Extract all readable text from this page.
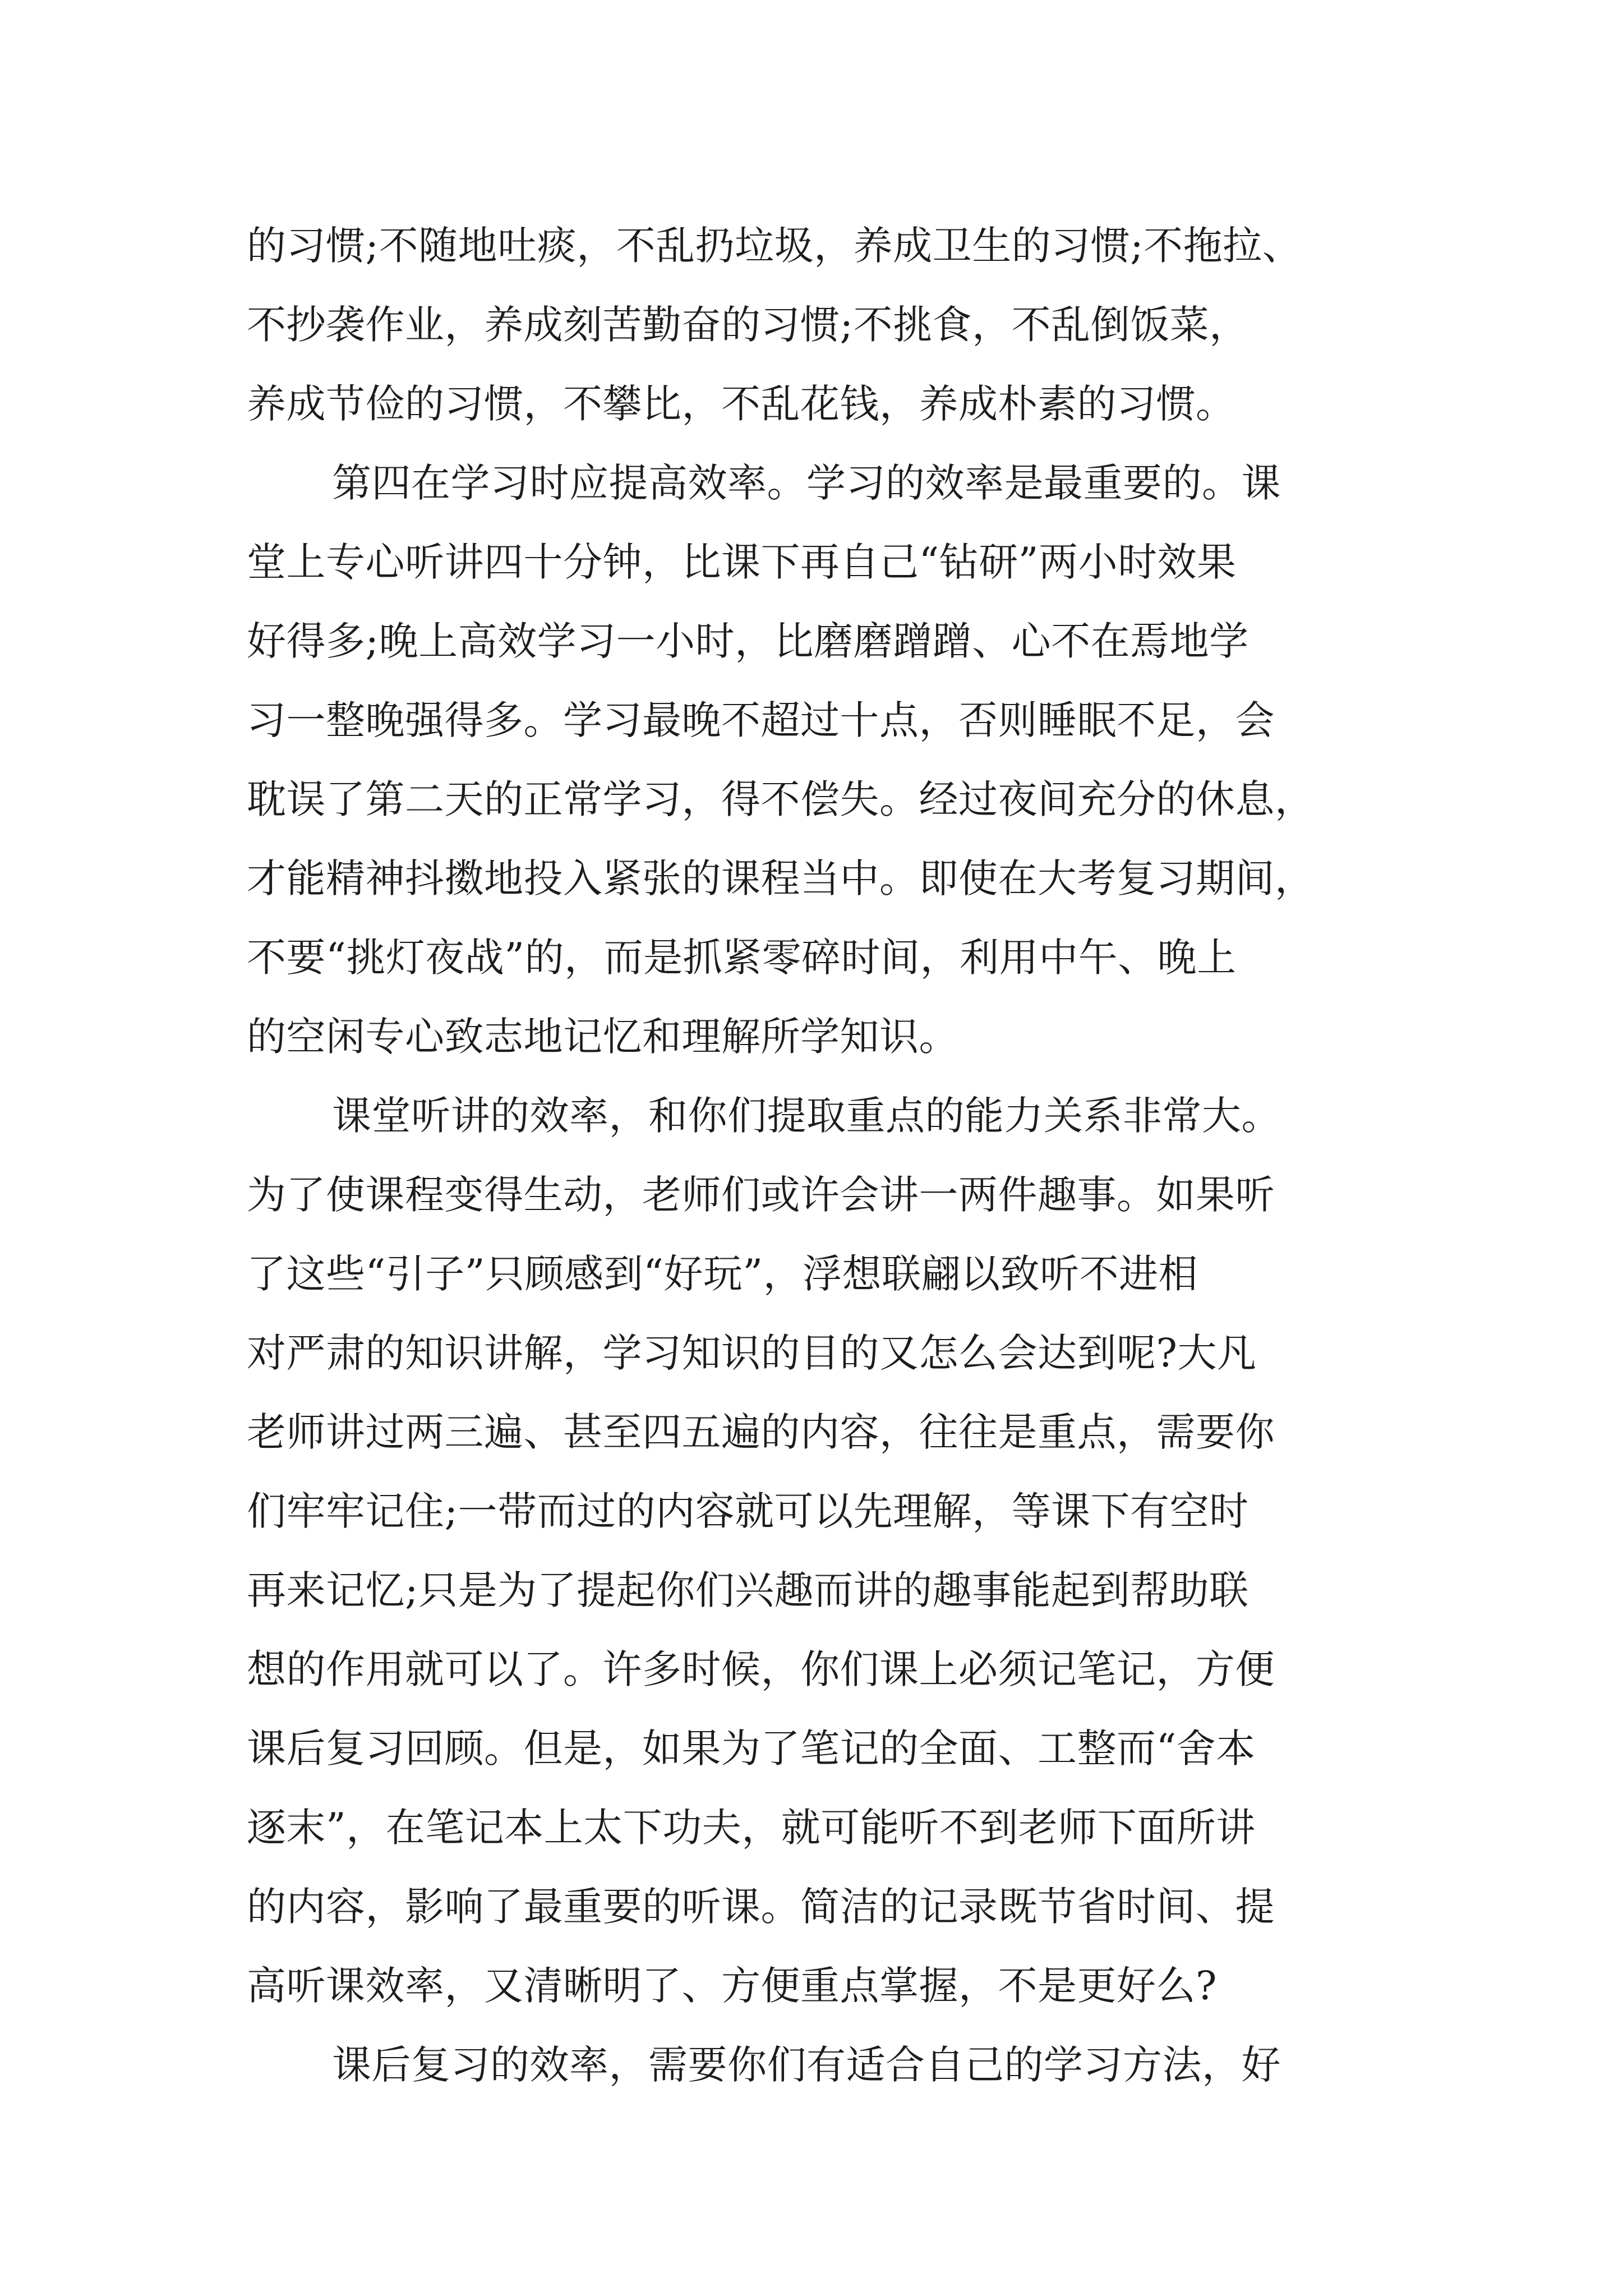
的习惯;不随地吐痰，不乱扔垃圾，养成卫生的习惯;不拖拉、
不抄袭作业，养成刻苦勤奋的习惯;不挑食，不乱倒饭菜，
养成节俭的习惯，不攀比，不乱花钱，养成朴素的习惯。
第四在学习时应提高效率。学习的效率是最重要的。课
堂上专心听讲四十分钟，比课下再自己“钻研”两小时效果
好得多;晚上高效学习一小时，比磨磨蹭蹭、心不在焉地学
习一整晚强得多。学习最晚不超过十点，否则睡眠不足，会
耽误了第二天的正常学习，得不偿失。经过夜间充分的休息，
才能精神抖擞地投入紧张的课程当中。即使在大考复习期间，
不要“挑灯夜战”的，而是抓紧零碎时间，利用中午、晚上
的空闲专心致志地记忆和理解所学知识。
课堂听讲的效率，和你们提取重点的能力关系非常大。
为了使课程变得生动，老师们或许会讲一两件趣事。如果听
了这些“引子”只顾感到“好玩”，浮想联翩以致听不进相
对严肃的知识讲解，学习知识的目的又怎么会达到呢?大凡
老师讲过两三遍、甚至四五遍的内容，往往是重点，需要你
们牢牢记住;一带而过的内容就可以先理解，等课下有空时
再来记忆;只是为了提起你们兴趣而讲的趣事能起到帮助联
想的作用就可以了。许多时候，你们课上必须记笔记，方便
课后复习回顾。但是，如果为了笔记的全面、工整而“舍本
逐末”，在笔记本上太下功夫，就可能听不到老师下面所讲
的内容，影响了最重要的听课。简洁的记录既节省时间、提
高听课效率，又清晰明了、方便重点掌握，不是更好么?
课后复习的效率，需要你们有适合自己的学习方法，好
